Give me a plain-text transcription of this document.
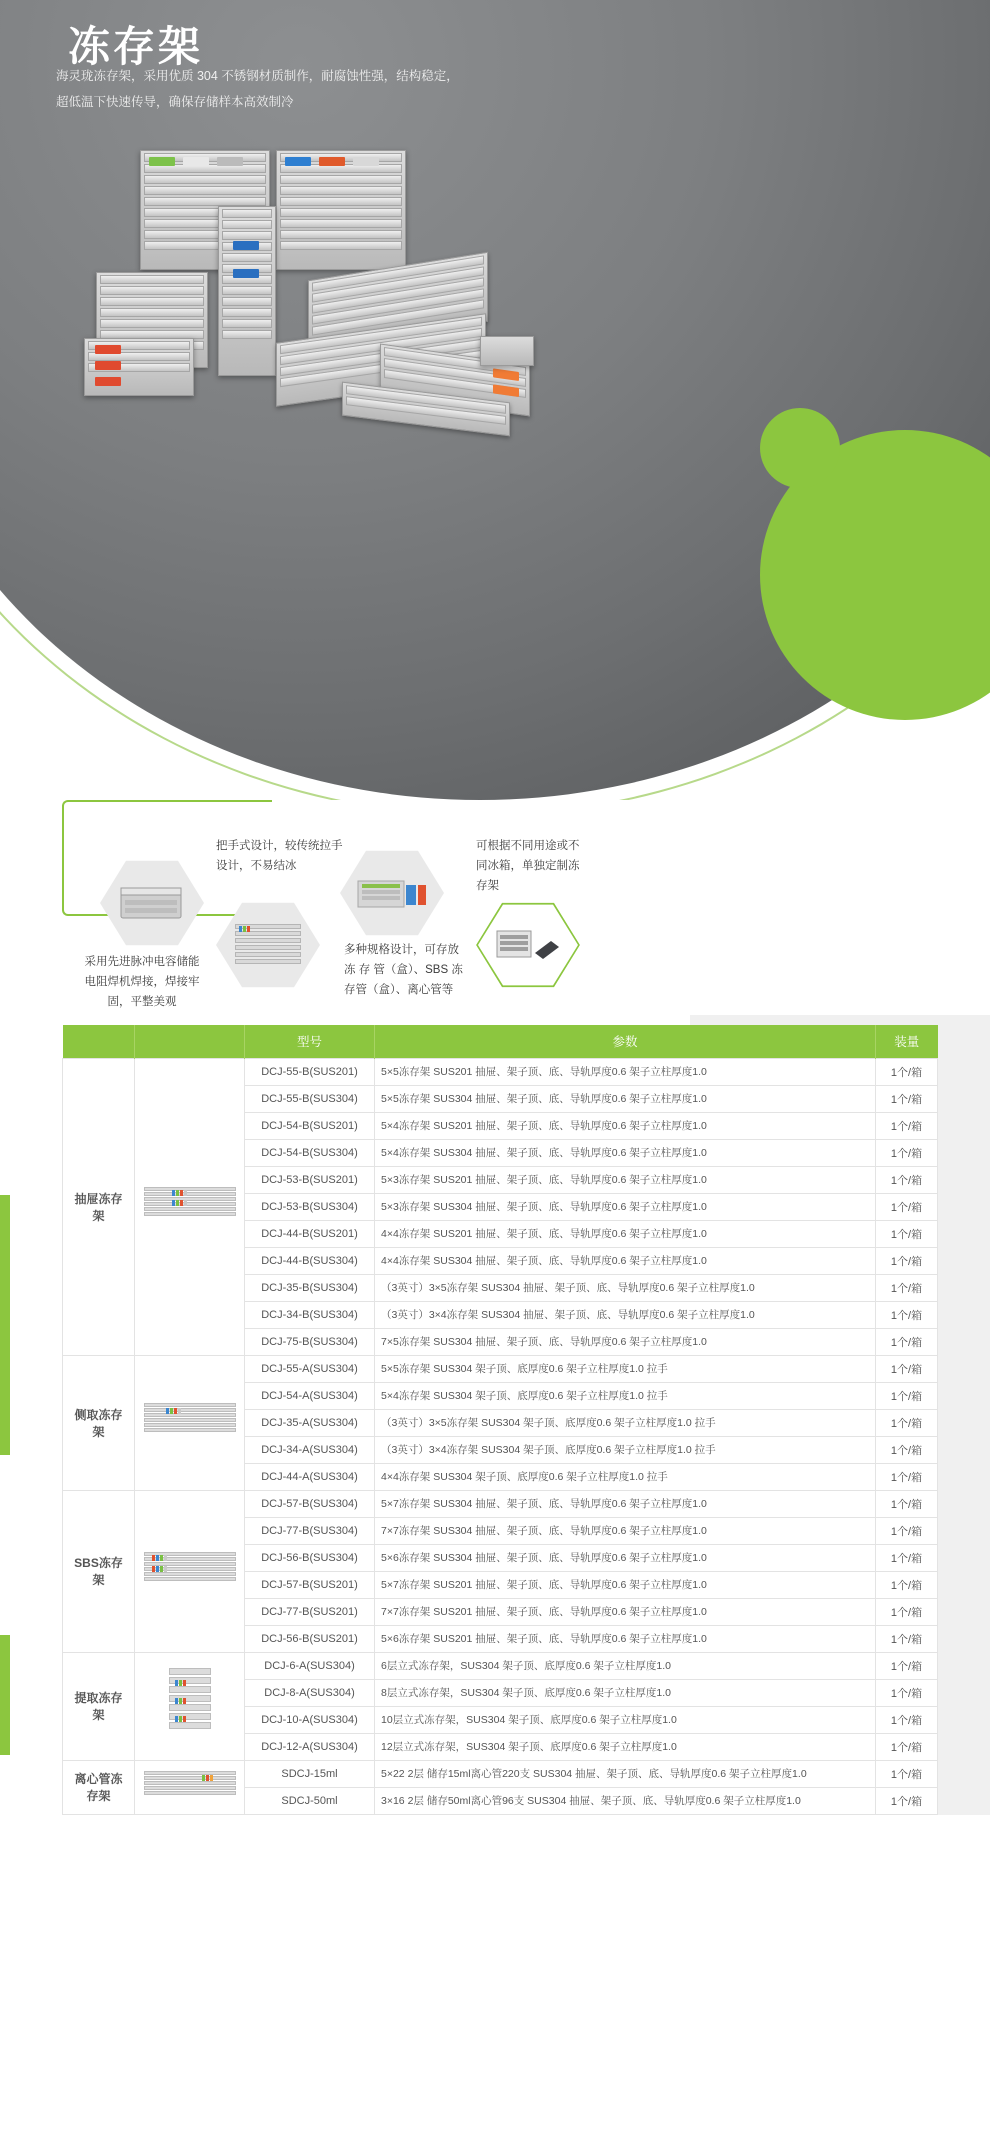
冻存架
海灵珑冻存架，采用优质 304 不锈钢材质制作，耐腐蚀性强，结构稳定，
超低温下快速传导，确保存储样本高效制冷
采用先进脉冲电容储能电阻焊机焊接，焊接牢固，平整美观
把手式设计，较传统拉手设计，不易结冰
多种规格设计，可存放 冻 存 管（盒）、SBS 冻存管（盒）、离心管等
可根据不同用途或不同冰箱，单独定制冻存架
		型号	参数	装量
抽屉冻存架		DCJ-55-B(SUS201)	5×5冻存架 SUS201 抽屉、架子顶、底、导轨厚度0.6 架子立柱厚度1.0	1个/箱
		DCJ-55-B(SUS304)	5×5冻存架 SUS304 抽屉、架子顶、底、导轨厚度0.6 架子立柱厚度1.0	1个/箱
		DCJ-54-B(SUS201)	5×4冻存架 SUS201 抽屉、架子顶、底、导轨厚度0.6 架子立柱厚度1.0	1个/箱
		DCJ-54-B(SUS304)	5×4冻存架 SUS304 抽屉、架子顶、底、导轨厚度0.6 架子立柱厚度1.0	1个/箱
		DCJ-53-B(SUS201)	5×3冻存架 SUS201 抽屉、架子顶、底、导轨厚度0.6 架子立柱厚度1.0	1个/箱
		DCJ-53-B(SUS304)	5×3冻存架 SUS304 抽屉、架子顶、底、导轨厚度0.6 架子立柱厚度1.0	1个/箱
		DCJ-44-B(SUS201)	4×4冻存架 SUS201 抽屉、架子顶、底、导轨厚度0.6 架子立柱厚度1.0	1个/箱
		DCJ-44-B(SUS304)	4×4冻存架 SUS304 抽屉、架子顶、底、导轨厚度0.6 架子立柱厚度1.0	1个/箱
		DCJ-35-B(SUS304)	（3英寸）3×5冻存架 SUS304 抽屉、架子顶、底、导轨厚度0.6 架子立柱厚度1.0	1个/箱
		DCJ-34-B(SUS304)	（3英寸）3×4冻存架 SUS304 抽屉、架子顶、底、导轨厚度0.6 架子立柱厚度1.0	1个/箱
		DCJ-75-B(SUS304)	7×5冻存架 SUS304 抽屉、架子顶、底、导轨厚度0.6 架子立柱厚度1.0	1个/箱
侧取冻存架		DCJ-55-A(SUS304)	5×5冻存架 SUS304 架子顶、底厚度0.6 架子立柱厚度1.0 拉手	1个/箱
		DCJ-54-A(SUS304)	5×4冻存架 SUS304 架子顶、底厚度0.6 架子立柱厚度1.0 拉手	1个/箱
		DCJ-35-A(SUS304)	（3英寸）3×5冻存架 SUS304 架子顶、底厚度0.6 架子立柱厚度1.0 拉手	1个/箱
		DCJ-34-A(SUS304)	（3英寸）3×4冻存架 SUS304 架子顶、底厚度0.6 架子立柱厚度1.0 拉手	1个/箱
		DCJ-44-A(SUS304)	4×4冻存架 SUS304 架子顶、底厚度0.6 架子立柱厚度1.0 拉手	1个/箱
SBS冻存架		DCJ-57-B(SUS304)	5×7冻存架 SUS304 抽屉、架子顶、底、导轨厚度0.6 架子立柱厚度1.0	1个/箱
		DCJ-77-B(SUS304)	7×7冻存架 SUS304 抽屉、架子顶、底、导轨厚度0.6 架子立柱厚度1.0	1个/箱
		DCJ-56-B(SUS304)	5×6冻存架 SUS304 抽屉、架子顶、底、导轨厚度0.6 架子立柱厚度1.0	1个/箱
		DCJ-57-B(SUS201)	5×7冻存架 SUS201 抽屉、架子顶、底、导轨厚度0.6 架子立柱厚度1.0	1个/箱
		DCJ-77-B(SUS201)	7×7冻存架 SUS201 抽屉、架子顶、底、导轨厚度0.6 架子立柱厚度1.0	1个/箱
		DCJ-56-B(SUS201)	5×6冻存架 SUS201 抽屉、架子顶、底、导轨厚度0.6 架子立柱厚度1.0	1个/箱
提取冻存架		DCJ-6-A(SUS304)	6层立式冻存架，SUS304 架子顶、底厚度0.6 架子立柱厚度1.0	1个/箱
		DCJ-8-A(SUS304)	8层立式冻存架，SUS304 架子顶、底厚度0.6 架子立柱厚度1.0	1个/箱
		DCJ-10-A(SUS304)	10层立式冻存架，SUS304 架子顶、底厚度0.6 架子立柱厚度1.0	1个/箱
		DCJ-12-A(SUS304)	12层立式冻存架，SUS304 架子顶、底厚度0.6 架子立柱厚度1.0	1个/箱
离心管冻存架		SDCJ-15ml	5×22 2层 储存15ml离心管220支 SUS304 抽屉、架子顶、底、导轨厚度0.6 架子立柱厚度1.0	1个/箱
		SDCJ-50ml	3×16 2层 储存50ml离心管96支 SUS304 抽屉、架子顶、底、导轨厚度0.6 架子立柱厚度1.0	1个/箱
